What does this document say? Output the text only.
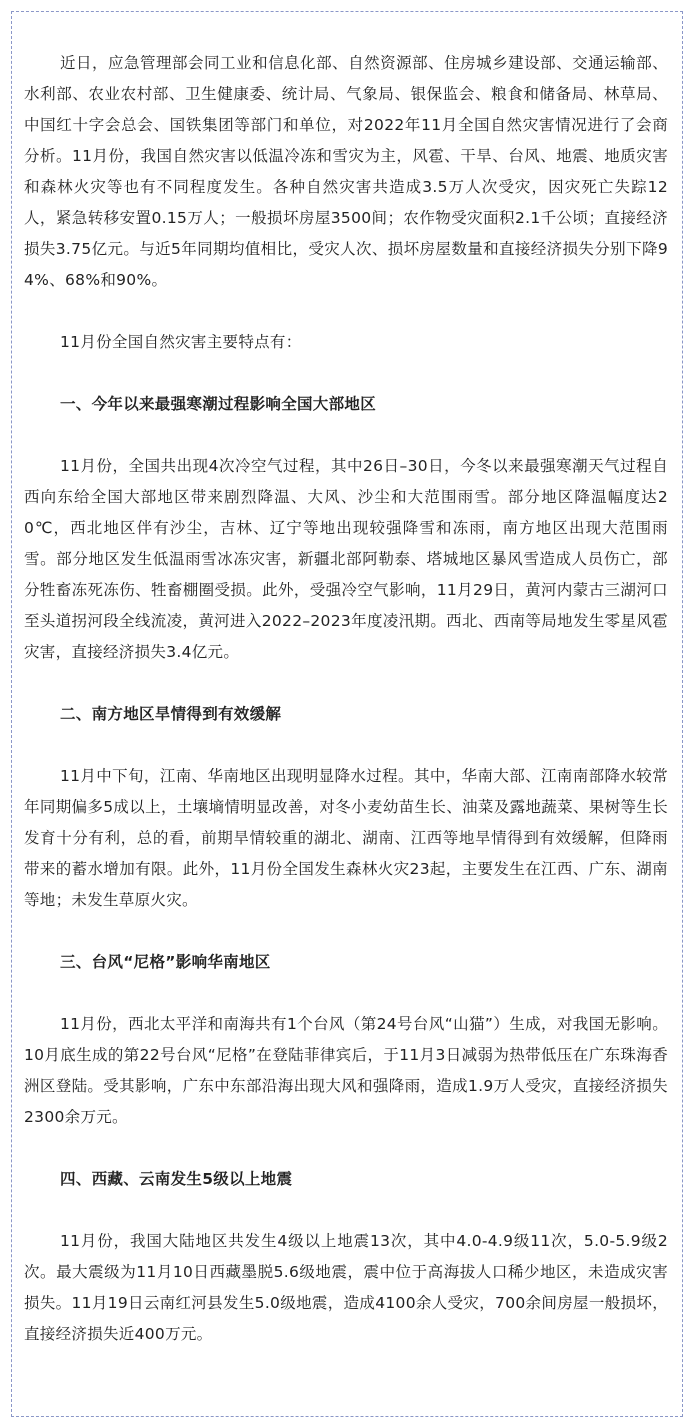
近日，应急管理部会同工业和信息化部、自然资源部、住房城乡建设部、交通运输部、水利部、农业农村部、卫生健康委、统计局、气象局、银保监会、粮食和储备局、林草局、中国红十字会总会、国铁集团等部门和单位，对2022年11月全国自然灾害情况进行了会商分析。11月份，我国自然灾害以低温冷冻和雪灾为主，风雹、干旱、台风、地震、地质灾害和森林火灾等也有不同程度发生。各种自然灾害共造成3.5万人次受灾，因灾死亡失踪12人，紧急转移安置0.15万人；一般损坏房屋3500间；农作物受灾面积2.1千公顷；直接经济损失3.75亿元。与近5年同期均值相比，受灾人次、损坏房屋数量和直接经济损失分别下降94%、68%和90%。

11月份全国自然灾害主要特点有：

一、今年以来最强寒潮过程影响全国大部地区

11月份，全国共出现4次冷空气过程，其中26日–30日，今冬以来最强寒潮天气过程自西向东给全国大部地区带来剧烈降温、大风、沙尘和大范围雨雪。部分地区降温幅度达20℃，西北地区伴有沙尘，吉林、辽宁等地出现较强降雪和冻雨，南方地区出现大范围雨雪。部分地区发生低温雨雪冰冻灾害，新疆北部阿勒泰、塔城地区暴风雪造成人员伤亡，部分牲畜冻死冻伤、牲畜棚圈受损。此外，受强冷空气影响，11月29日，黄河内蒙古三湖河口至头道拐河段全线流凌，黄河进入2022–2023年度凌汛期。西北、西南等局地发生零星风雹灾害，直接经济损失3.4亿元。

二、南方地区旱情得到有效缓解

11月中下旬，江南、华南地区出现明显降水过程。其中，华南大部、江南南部降水较常年同期偏多5成以上，土壤墒情明显改善，对冬小麦幼苗生长、油菜及露地蔬菜、果树等生长发育十分有利，总的看，前期旱情较重的湖北、湖南、江西等地旱情得到有效缓解，但降雨带来的蓄水增加有限。此外，11月份全国发生森林火灾23起，主要发生在江西、广东、湖南等地；未发生草原火灾。

三、台风“尼格”影响华南地区

11月份，西北太平洋和南海共有1个台风（第24号台风“山猫”）生成，对我国无影响。10月底生成的第22号台风“尼格”在登陆菲律宾后，于11月3日减弱为热带低压在广东珠海香洲区登陆。受其影响，广东中东部沿海出现大风和强降雨，造成1.9万人受灾，直接经济损失2300余万元。

四、西藏、云南发生5级以上地震

11月份，我国大陆地区共发生4级以上地震13次，其中4.0-4.9级11次，5.0-5.9级2次。最大震级为11月10日西藏墨脱5.6级地震，震中位于高海拔人口稀少地区，未造成灾害损失。11月19日云南红河县发生5.0级地震，造成4100余人受灾，700余间房屋一般损坏，直接经济损失近400万元。
